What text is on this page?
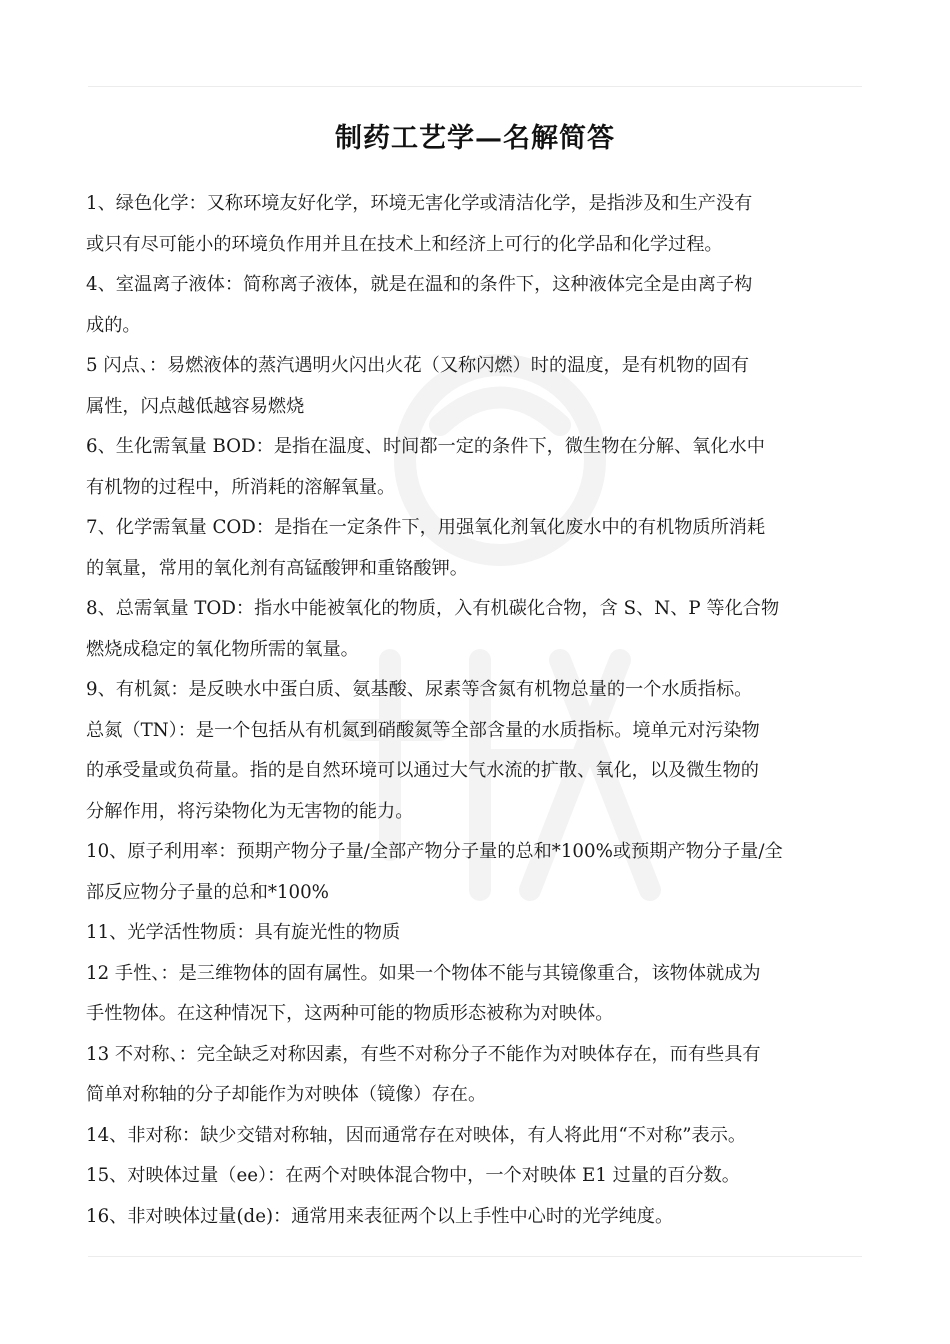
制药工艺学—名解简答
1、绿色化学：又称环境友好化学，环境无害化学或清洁化学，是指涉及和生产没有
或只有尽可能小的环境负作用并且在技术上和经济上可行的化学品和化学过程。
4、室温离子液体：简称离子液体，就是在温和的条件下，这种液体完全是由离子构
成的。
5 闪点、：易燃液体的蒸汽遇明火闪出火花（又称闪燃）时的温度，是有机物的固有
属性，闪点越低越容易燃烧
6、生化需氧量 BOD：是指在温度、时间都一定的条件下，微生物在分解、氧化水中
有机物的过程中，所消耗的溶解氧量。
7、化学需氧量 COD：是指在一定条件下，用强氧化剂氧化废水中的有机物质所消耗
的氧量，常用的氧化剂有高锰酸钾和重铬酸钾。
8、总需氧量 TOD：指水中能被氧化的物质，入有机碳化合物，含 S、N、P 等化合物
燃烧成稳定的氧化物所需的氧量。
9、有机氮：是反映水中蛋白质、氨基酸、尿素等含氮有机物总量的一个水质指标。
总氮（TN）：是一个包括从有机氮到硝酸氮等全部含量的水质指标。境单元对污染物
的承受量或负荷量。指的是自然环境可以通过大气水流的扩散、氧化，以及微生物的
分解作用，将污染物化为无害物的能力。
10、原子利用率：预期产物分子量/全部产物分子量的总和*100%或预期产物分子量/全
部反应物分子量的总和*100%
11、光学活性物质：具有旋光性的物质
12 手性、：是三维物体的固有属性。如果一个物体不能与其镜像重合，该物体就成为
手性物体。在这种情况下，这两种可能的物质形态被称为对映体。
13 不对称、：完全缺乏对称因素，有些不对称分子不能作为对映体存在，而有些具有
简单对称轴的分子却能作为对映体（镜像）存在。
14、非对称：缺少交错对称轴，因而通常存在对映体，有人将此用“不对称”表示。
15、对映体过量（ee）：在两个对映体混合物中，一个对映体 E1 过量的百分数。
16、非对映体过量(de)：通常用来表征两个以上手性中心时的光学纯度。
